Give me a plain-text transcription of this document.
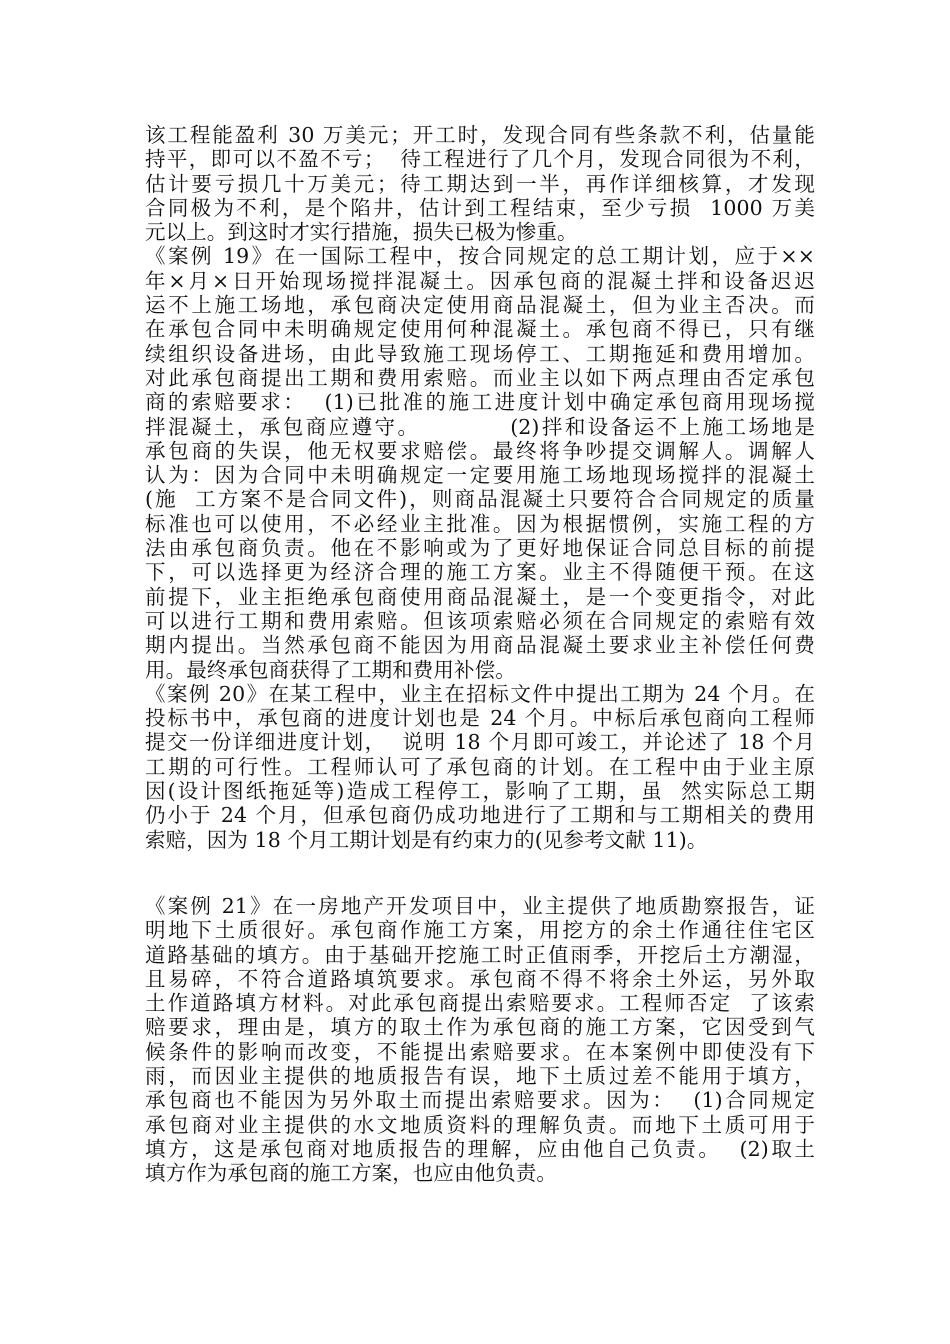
该工程能盈利 30 万美元；开工时，发现合同有些条款不利，估量能
持平，即可以不盈不亏；  待工程进行了几个月，发现合同很为不利，
估计要亏损几十万美元；待工期达到一半，再作详细核算，才发现
合同极为不利，是个陷井，估计到工程结束，至少亏损  1000 万美
元以上。到这时才实行措施，损失已极为惨重。
《案例 19》在一国际工程中，按合同规定的总工期计划，应于××
年×月×日开始现场搅拌混凝土。因承包商的混凝土拌和设备迟迟
运不上施工场地，承包商决定使用商品混凝土，但为业主否决。而
在承包合同中未明确规定使用何种混凝土。承包商不得已，只有继
续组织设备进场，由此导致施工现场停工、工期拖延和费用增加。
对此承包商提出工期和费用索赔。而业主以如下两点理由否定承包
商的索赔要求：  (1)已批准的施工进度计划中确定承包商用现场搅
拌混凝土，承包商应遵守。          (2)拌和设备运不上施工场地是
承包商的失误，他无权要求赔偿。最终将争吵提交调解人。调解人
认为：因为合同中未明确规定一定要用施工场地现场搅拌的混凝土
(施  工方案不是合同文件)，则商品混凝土只要符合合同规定的质量
标准也可以使用，不必经业主批准。因为根据惯例，实施工程的方
法由承包商负责。他在不影响或为了更好地保证合同总目标的前提
下，可以选择更为经济合理的施工方案。业主不得随便干预。在这
前提下，业主拒绝承包商使用商品混凝土，是一个变更指令，对此
可以进行工期和费用索赔。但该项索赔必须在合同规定的索赔有效
期内提出。当然承包商不能因为用商品混凝土要求业主补偿任何费
用。最终承包商获得了工期和费用补偿。
《案例 20》在某工程中，业主在招标文件中提出工期为 24 个月。在
投标书中，承包商的进度计划也是 24 个月。中标后承包商向工程师
提交一份详细进度计划，  说明 18 个月即可竣工，并论述了 18 个月
工期的可行性。工程师认可了承包商的计划。在工程中由于业主原
因(设计图纸拖延等)造成工程停工，影响了工期，虽  然实际总工期
仍小于 24 个月，但承包商仍成功地进行了工期和与工期相关的费用
索赔，因为 18 个月工期计划是有约束力的(见参考文献 11)。
《案例 21》在一房地产开发项目中，业主提供了地质勘察报告，证
明地下土质很好。承包商作施工方案，用挖方的余土作通往住宅区
道路基础的填方。由于基础开挖施工时正值雨季，开挖后土方潮湿，
且易碎，不符合道路填筑要求。承包商不得不将余土外运，另外取
土作道路填方材料。对此承包商提出索赔要求。工程师否定  了该索
赔要求，理由是，填方的取土作为承包商的施工方案，它因受到气
候条件的影响而改变，不能提出索赔要求。在本案例中即使没有下
雨，而因业主提供的地质报告有误，地下土质过差不能用于填方，
承包商也不能因为另外取土而提出索赔要求。因为：  (1)合同规定
承包商对业主提供的水文地质资料的理解负责。而地下土质可用于
填方，这是承包商对地质报告的理解，应由他自己负责。  (2)取土
填方作为承包商的施工方案，也应由他负责。
